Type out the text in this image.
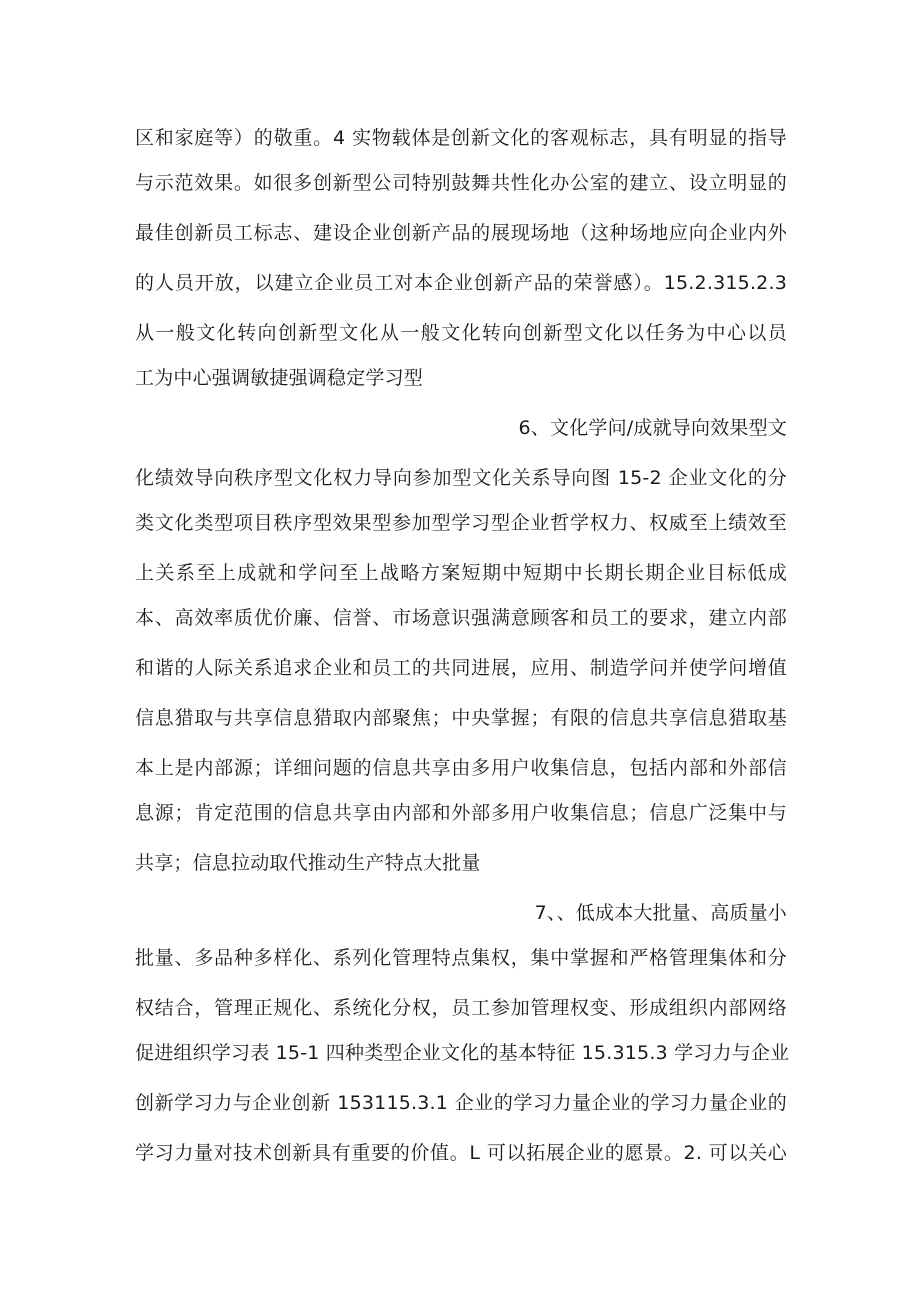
区和家庭等）的敬重。4 实物载体是创新文化的客观标志，具有明显的指导
与示范效果。如很多创新型公司特别鼓舞共性化办公室的建立、设立明显的
最佳创新员工标志、建设企业创新产品的展现场地（这种场地应向企业内外
的人员开放，以建立企业员工对本企业创新产品的荣誉感）。15.2.315.2.3
从一般文化转向创新型文化从一般文化转向创新型文化以任务为中心以员
工为中心强调敏捷强调稳定学习型
6、文化学问/成就导向效果型文
化绩效导向秩序型文化权力导向参加型文化关系导向图 15-2 企业文化的分
类文化类型项目秩序型效果型参加型学习型企业哲学权力、权威至上绩效至
上关系至上成就和学问至上战略方案短期中短期中长期长期企业目标低成
本、高效率质优价廉、信誉、市场意识强满意顾客和员工的要求，建立内部
和谐的人际关系追求企业和员工的共同进展，应用、制造学问并使学问增值
信息猎取与共享信息猎取内部聚焦；中央掌握；有限的信息共享信息猎取基
本上是内部源；详细问题的信息共享由多用户收集信息，包括内部和外部信
息源；肯定范围的信息共享由内部和外部多用户收集信息；信息广泛集中与
共享；信息拉动取代推动生产特点大批量
7、、低成本大批量、高质量小
批量、多品种多样化、系列化管理特点集权，集中掌握和严格管理集体和分
权结合，管理正规化、系统化分权，员工参加管理权变、形成组织内部网络
促进组织学习表 15-1 四种类型企业文化的基本特征 15.315.3 学习力与企业
创新学习力与企业创新 153115.3.1 企业的学习力量企业的学习力量企业的
学习力量对技术创新具有重要的价值。L 可以拓展企业的愿景。2. 可以关心
